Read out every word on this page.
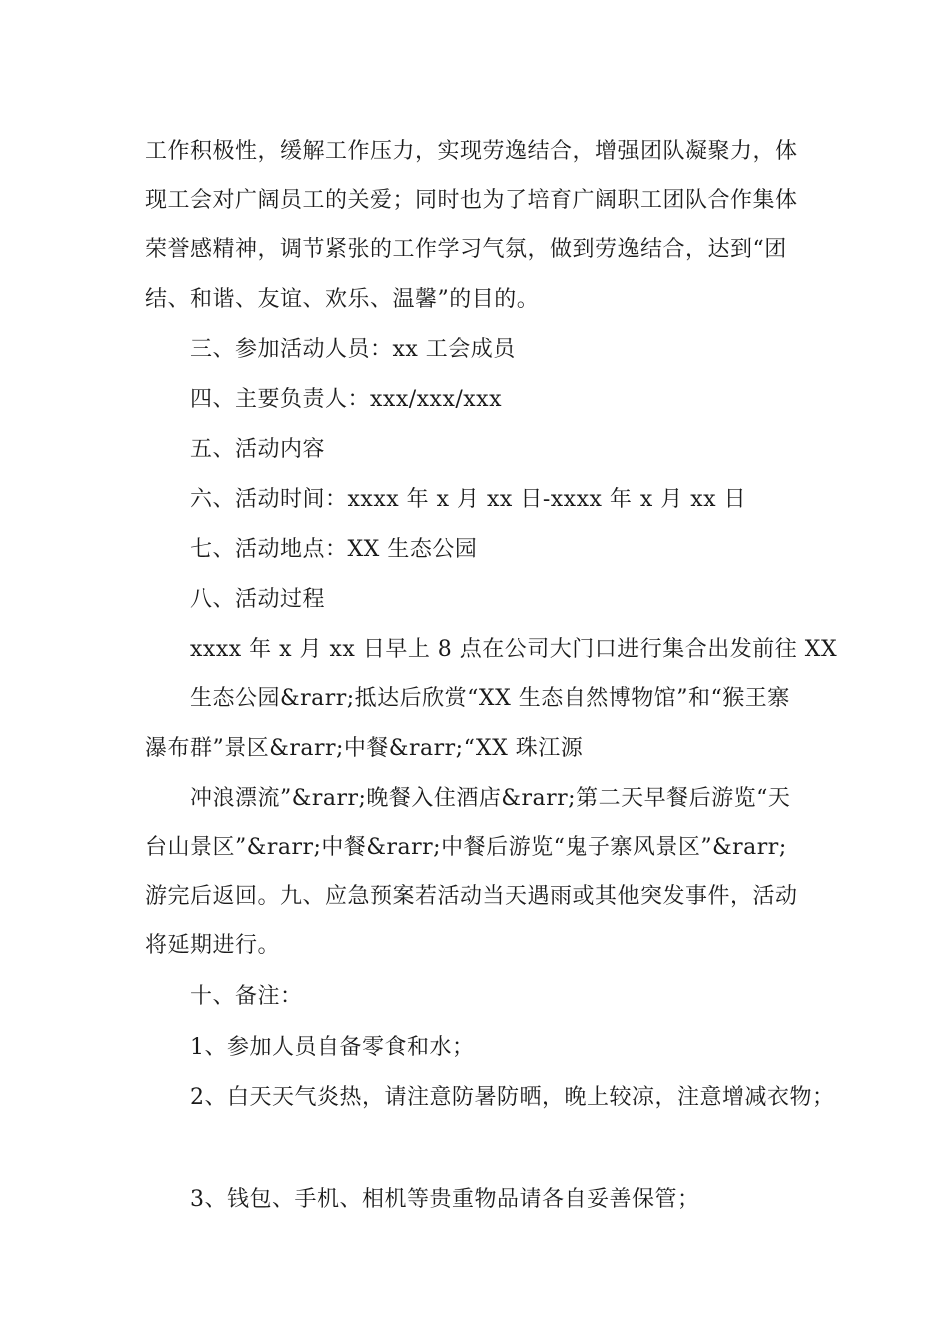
工作积极性，缓解工作压力，实现劳逸结合，增强团队凝聚力，体
现工会对广阔员工的关爱；同时也为了培育广阔职工团队合作集体
荣誉感精神，调节紧张的工作学习气氛，做到劳逸结合，达到“团
结、和谐、友谊、欢乐、温馨”的目的。
三、参加活动人员：xx 工会成员
四、主要负责人：xxx/xxx/xxx
五、活动内容
六、活动时间：xxxx 年 x 月 xx 日-xxxx 年 x 月 xx 日
七、活动地点：XX 生态公园
八、活动过程
xxxx 年 x 月 xx 日早上 8 点在公司大门口进行集合出发前往 XX
生态公园&rarr;抵达后欣赏“XX 生态自然博物馆”和“猴王寨
瀑布群”景区&rarr;中餐&rarr;“XX 珠江源
冲浪漂流”&rarr;晚餐入住酒店&rarr;第二天早餐后游览“天
台山景区”&rarr;中餐&rarr;中餐后游览“鬼子寨风景区”&rarr;
游完后返回。九、应急预案若活动当天遇雨或其他突发事件，活动
将延期进行。
十、备注：
1、参加人员自备零食和水；
2、白天天气炎热，请注意防暑防晒，晚上较凉，注意增减衣物；
3、钱包、手机、相机等贵重物品请各自妥善保管；
